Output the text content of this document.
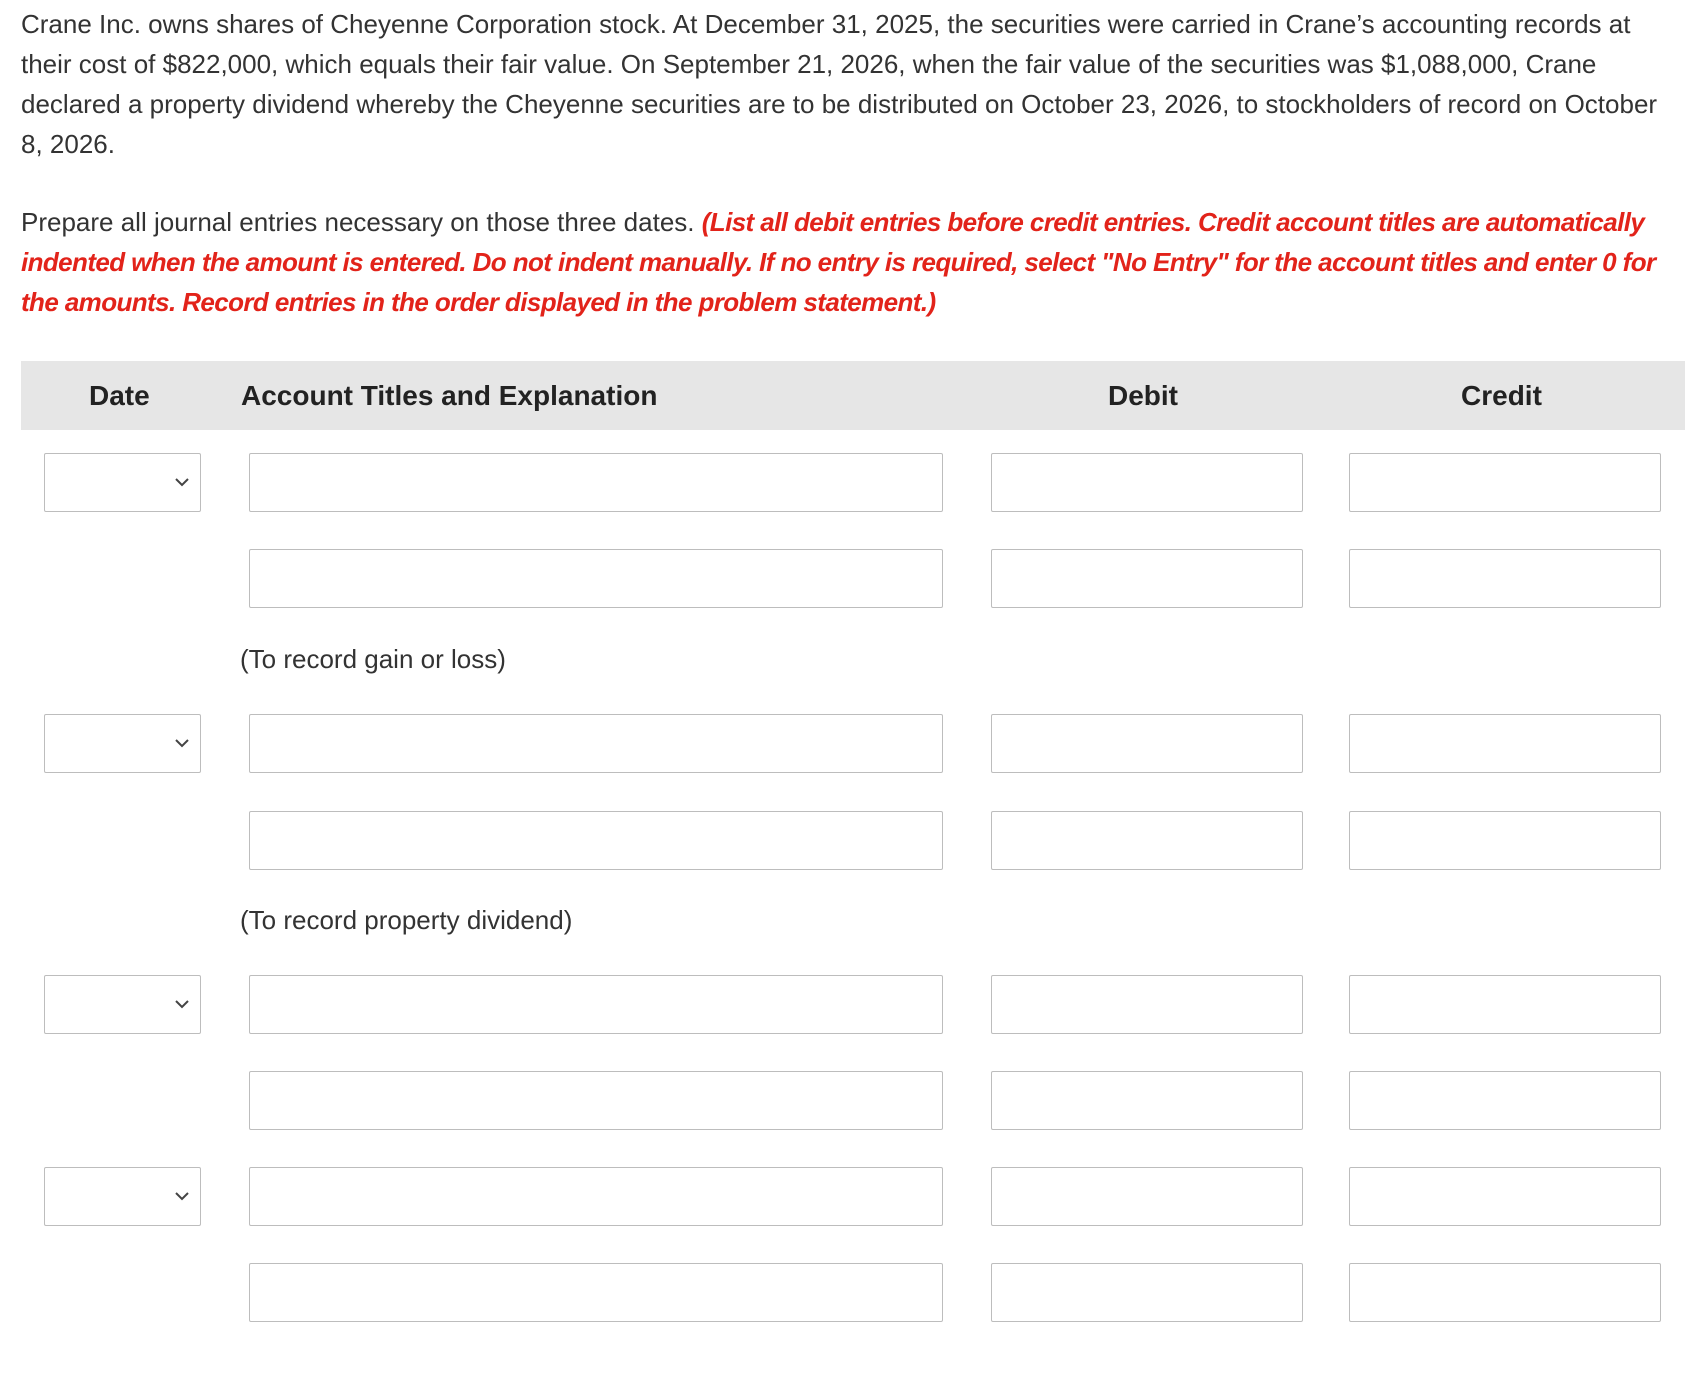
Crane Inc. owns shares of Cheyenne Corporation stock. At December 31, 2025, the securities were carried in Crane’s accounting records at their cost of $822,000, which equals their fair value. On September 21, 2026, when the fair value of the securities was $1,088,000, Crane declared a property dividend whereby the Cheyenne securities are to be distributed on October 23, 2026, to stockholders of record on October 8, 2026.

Prepare all journal entries necessary on those three dates. (List all debit entries before credit entries. Credit account titles are automatically indented when the amount is entered. Do not indent manually. If no entry is required, select "No Entry" for the account titles and enter 0 for the amounts. Record entries in the order displayed in the problem statement.)

Date	Account Titles and Explanation	Debit	Credit
(To record gain or loss)
(To record property dividend)
